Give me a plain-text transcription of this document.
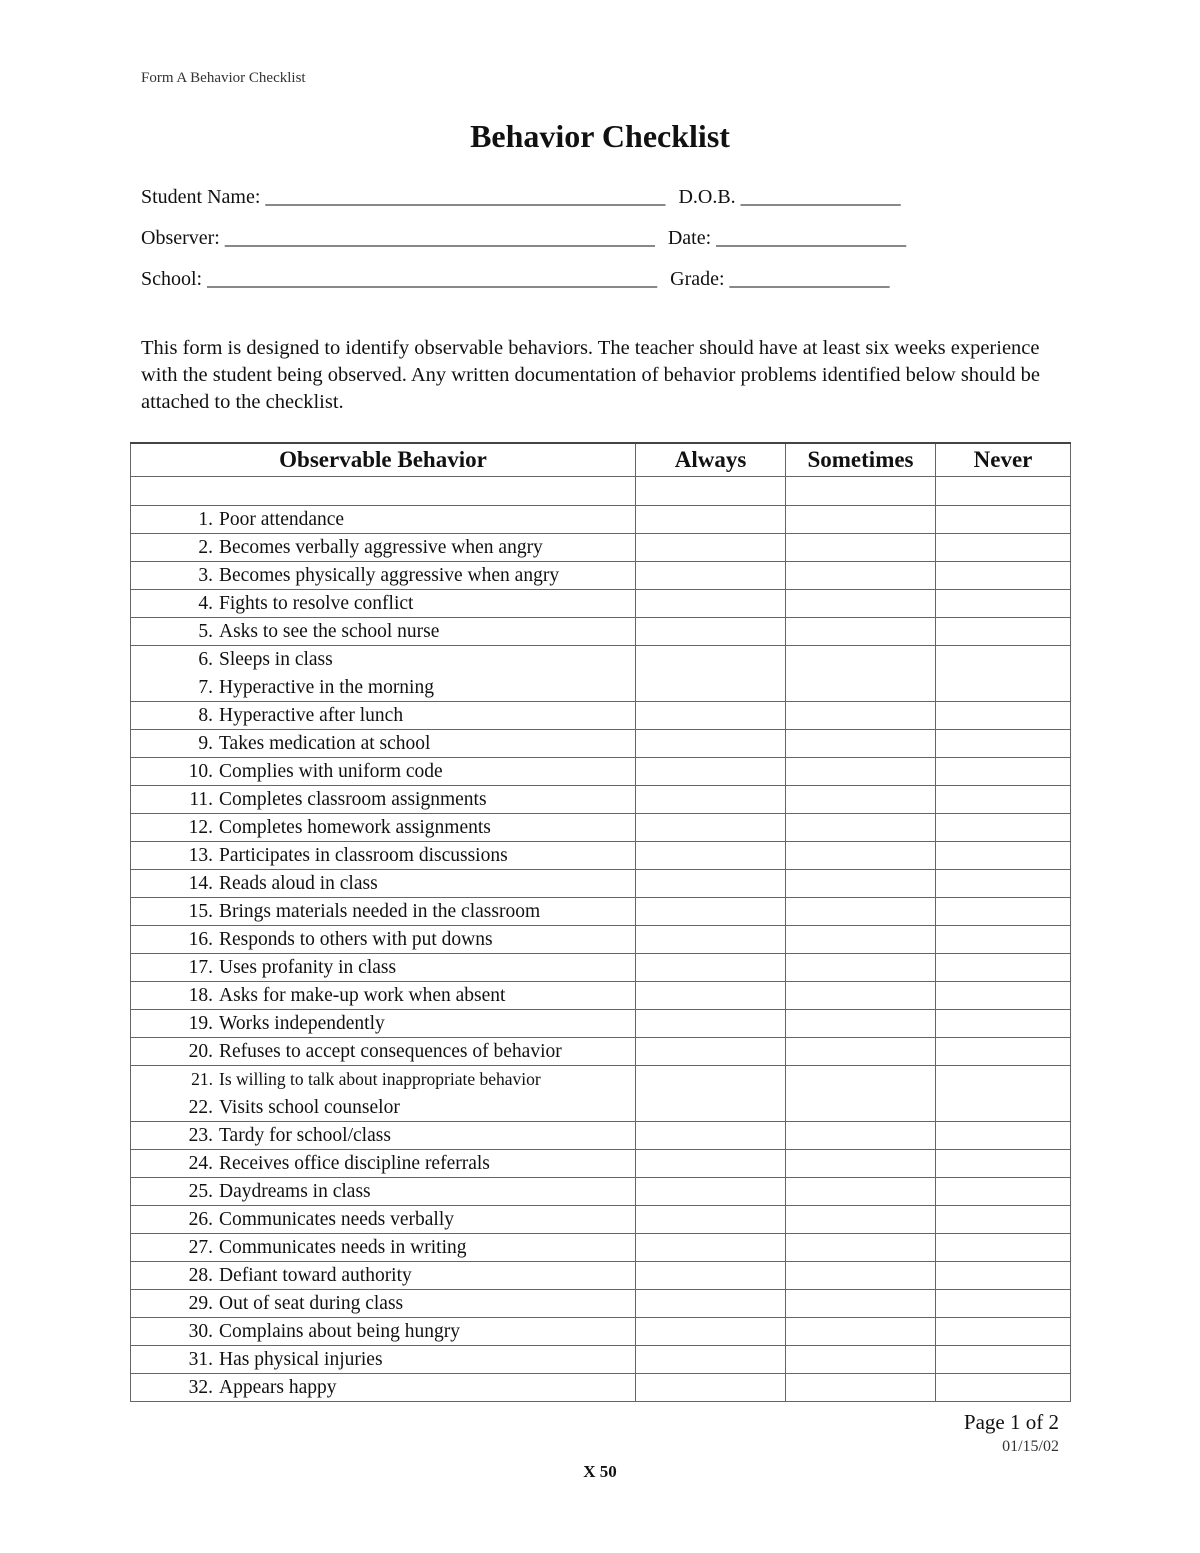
Form A Behavior Checklist
Behavior Checklist
Student Name: ________________________________________ D.O.B. ________________
Observer: ___________________________________________ Date: ___________________
School: _____________________________________________ Grade: ________________
This form is designed to identify observable behaviors. The teacher should have at least six weeks experience with the student being observed. Any written documentation of behavior problems identified below should be attached to the checklist.
Observable Behavior	Always	Sometimes	Never

1. Poor attendance			

2. Becomes verbally aggressive when angry			

3. Becomes physically aggressive when angry			

4. Fights to resolve conflict			

5. Asks to see the school nurse			

6. Sleeps in class
7. Hyperactive in the morning			

8. Hyperactive after lunch			

9. Takes medication at school			

10. Complies with uniform code			

11. Completes classroom assignments			

12. Completes homework assignments			

13. Participates in classroom discussions			

14. Reads aloud in class			

15. Brings materials needed in the classroom			

16. Responds to others with put downs			

17. Uses profanity in class			

18. Asks for make-up work when absent			

19. Works independently			

20. Refuses to accept consequences of behavior			

21. Is willing to talk about inappropriate behavior
22. Visits school counselor			

23. Tardy for school/class			

24. Receives office discipline referrals			

25. Daydreams in class			

26. Communicates needs verbally			

27. Communicates needs in writing			

28. Defiant toward authority			

29. Out of seat during class			

30. Complains about being hungry			

31. Has physical injuries			

32. Appears happy			

Page 1 of 2
01/15/02
X 50
